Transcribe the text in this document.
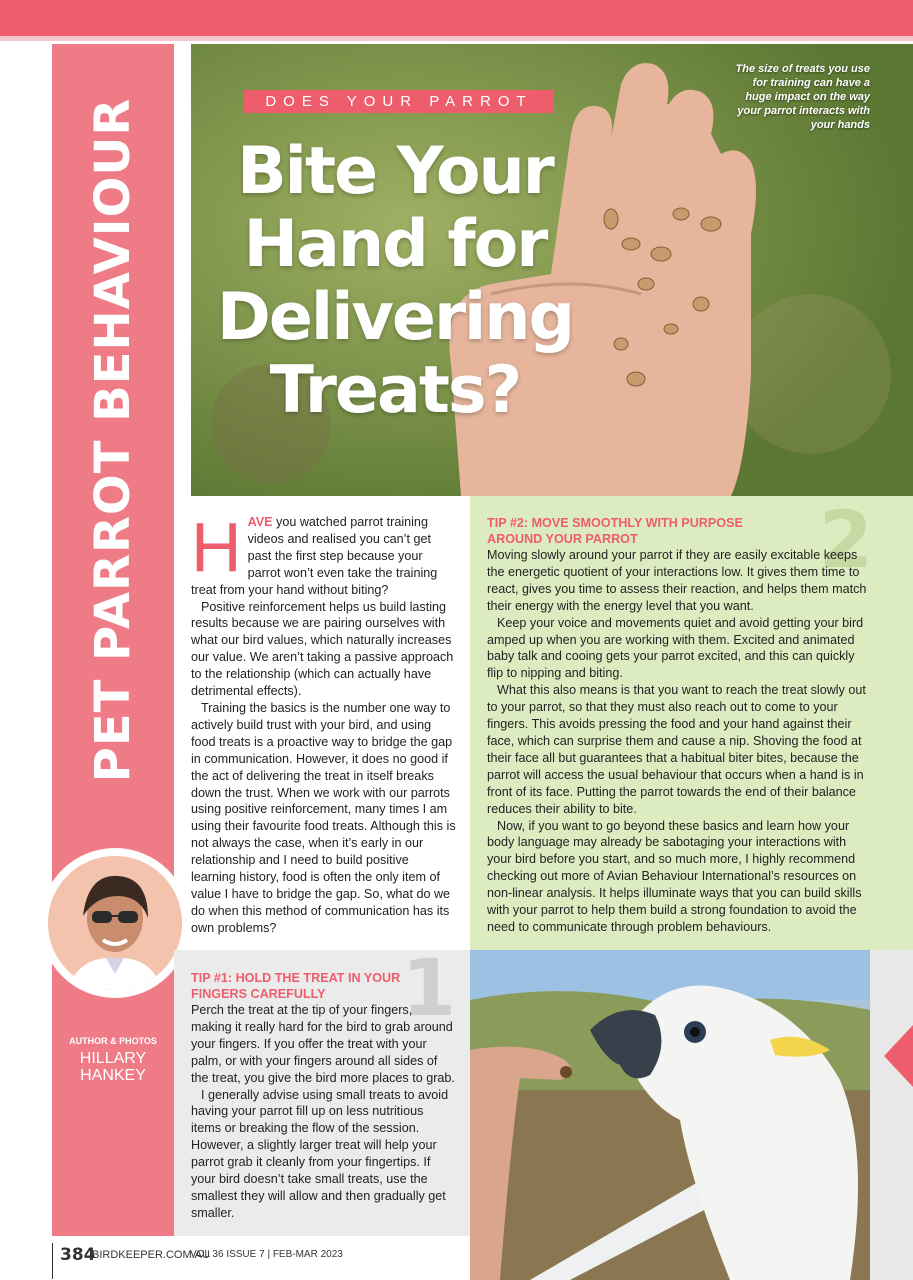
PET PARROT BEHAVIOUR
AUTHOR & PHOTOS
HILLARY
HANKEY
DOES YOUR PARROT
Bite Your
Hand for
Delivering
Treats?
The size of treats you use for training can have a huge impact on the way your parrot interacts with your hands

HAVE you watched parrot training videos and realised you can’t get past the first step because your parrot won’t even take the training treat from your hand without biting?

Positive reinforcement helps us build lasting results because we are pairing ourselves with what our bird values, which naturally increases our value. We aren’t taking a passive approach to the relationship (which can actually have detrimental effects).

Training the basics is the number one way to actively build trust with your bird, and using food treats is a proactive way to bridge the gap in communication. However, it does no good if the act of delivering the treat in itself breaks down the trust. When we work with our parrots using positive reinforcement, many times I am using their favourite food treats. Although this is not always the case, when it’s early in our relationship and I need to build positive learning history, food is often the only item of value I have to bridge the gap. So, what do we do when this method of communication has its own problems?

2
TIP #2: MOVE SMOOTHLY WITH PURPOSE AROUND YOUR PARROT

Moving slowly around your parrot if they are easily excitable keeps the energetic quotient of your interactions low. It gives them time to react, gives you time to assess their reaction, and helps them match their energy with the energy level that you want.

Keep your voice and movements quiet and avoid getting your bird amped up when you are working with them. Excited and animated baby talk and cooing gets your parrot excited, and this can quickly flip to nipping and biting.

What this also means is that you want to reach the treat slowly out to your parrot, so that they must also reach out to come to your fingers. This avoids pressing the food and your hand against their face, which can surprise them and cause a nip. Shoving the food at their face all but guarantees that a habitual biter bites, because the parrot will access the usual behaviour that occurs when a hand is in front of its face. Putting the parrot towards the end of their balance reduces their ability to bite.

Now, if you want to go beyond these basics and learn how your body language may already be sabotaging your interactions with your bird before you start, and so much more, I highly recommend checking out more of Avian Behaviour International’s resources on non-linear analysis. It helps illuminate ways that you can build skills with your parrot to help them build a strong foundation to avoid the need to communicate through problem behaviours.

1
TIP #1: HOLD THE TREAT IN YOUR FINGERS CAREFULLY

Perch the treat at the tip of your fingers, making it really hard for the bird to grab around your fingers. If you offer the treat with your palm, or with your fingers around all sides of the treat, you give the bird more places to grab.

I generally advise using small treats to avoid having your parrot fill up on less nutritious items or breaking the flow of the session. However, a slightly larger treat will help your parrot grab it cleanly from your fingertips. If your bird doesn’t take small treats, use the smallest they will allow and then gradually get smaller.

384
BIRDKEEPER.COM.AU
VOL 36 ISSUE 7 | FEB-MAR 2023
